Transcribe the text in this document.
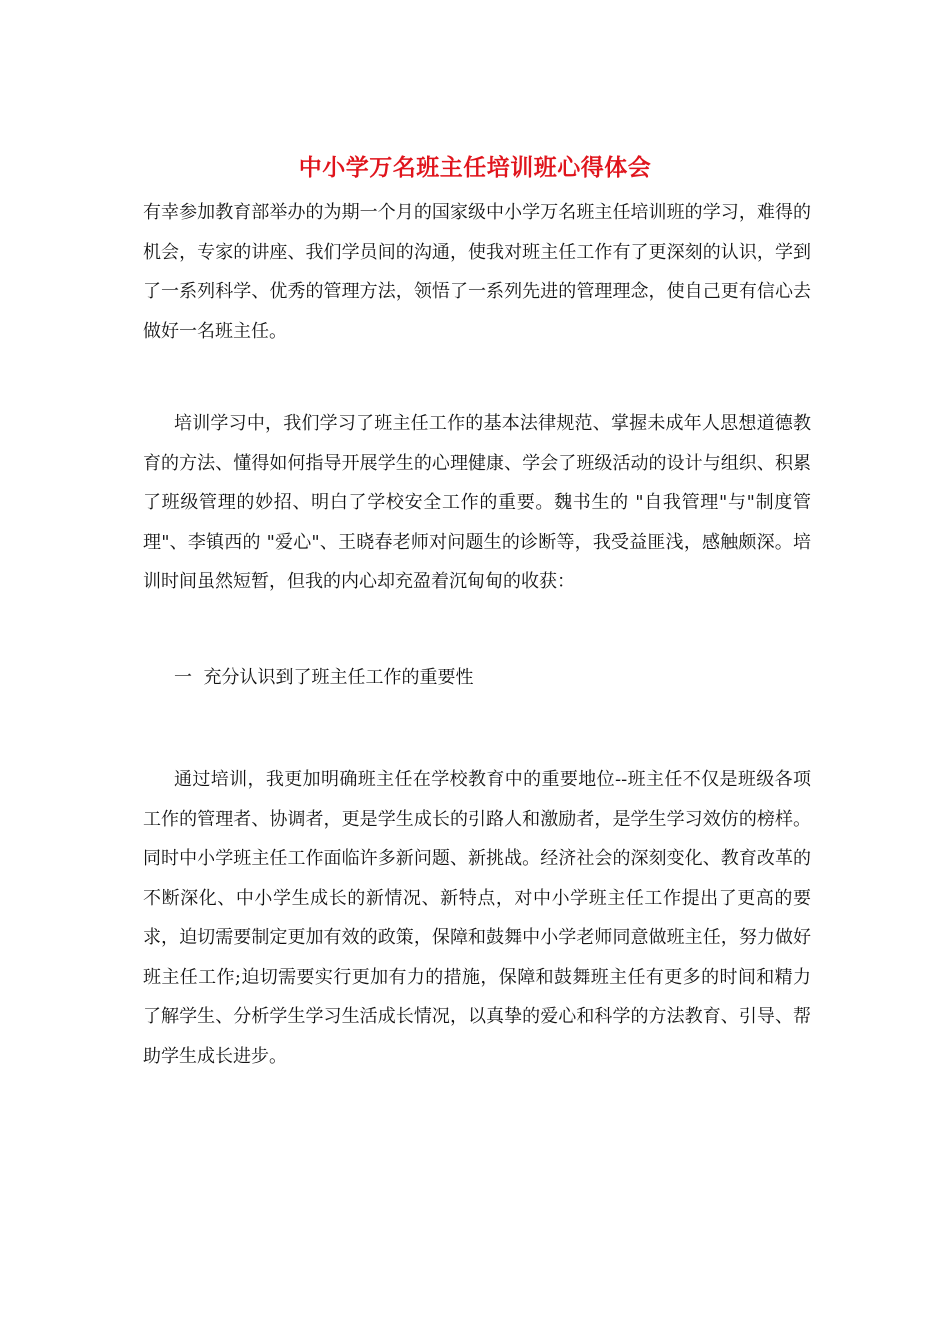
中小学万名班主任培训班心得体会

有幸参加教育部举办的为期一个月的国家级中小学万名班主任培训班的学习，难得的机会，专家的讲座、我们学员间的沟通，使我对班主任工作有了更深刻的认识，学到了一系列科学、优秀的管理方法，领悟了一系列先进的管理理念，使自己更有信心去做好一名班主任。

培训学习中，我们学习了班主任工作的基本法律规范、掌握未成年人思想道德教育的方法、懂得如何指导开展学生的心理健康、学会了班级活动的设计与组织、积累了班级管理的妙招、明白了学校安全工作的重要。魏书生的 "自我管理"与"制度管理"、李镇西的 "爱心"、王晓春老师对问题生的诊断等，我受益匪浅，感触颇深。培训时间虽然短暂，但我的内心却充盈着沉甸甸的收获：

一  充分认识到了班主任工作的重要性

通过培训，我更加明确班主任在学校教育中的重要地位--班主任不仅是班级各项工作的管理者、协调者，更是学生成长的引路人和激励者，是学生学习效仿的榜样。同时中小学班主任工作面临许多新问题、新挑战。经济社会的深刻变化、教育改革的不断深化、中小学生成长的新情况、新特点，对中小学班主任工作提出了更高的要求，迫切需要制定更加有效的政策，保障和鼓舞中小学老师同意做班主任，努力做好班主任工作;迫切需要实行更加有力的措施，保障和鼓舞班主任有更多的时间和精力了解学生、分析学生学习生活成长情况，以真挚的爱心和科学的方法教育、引导、帮助学生成长进步。
